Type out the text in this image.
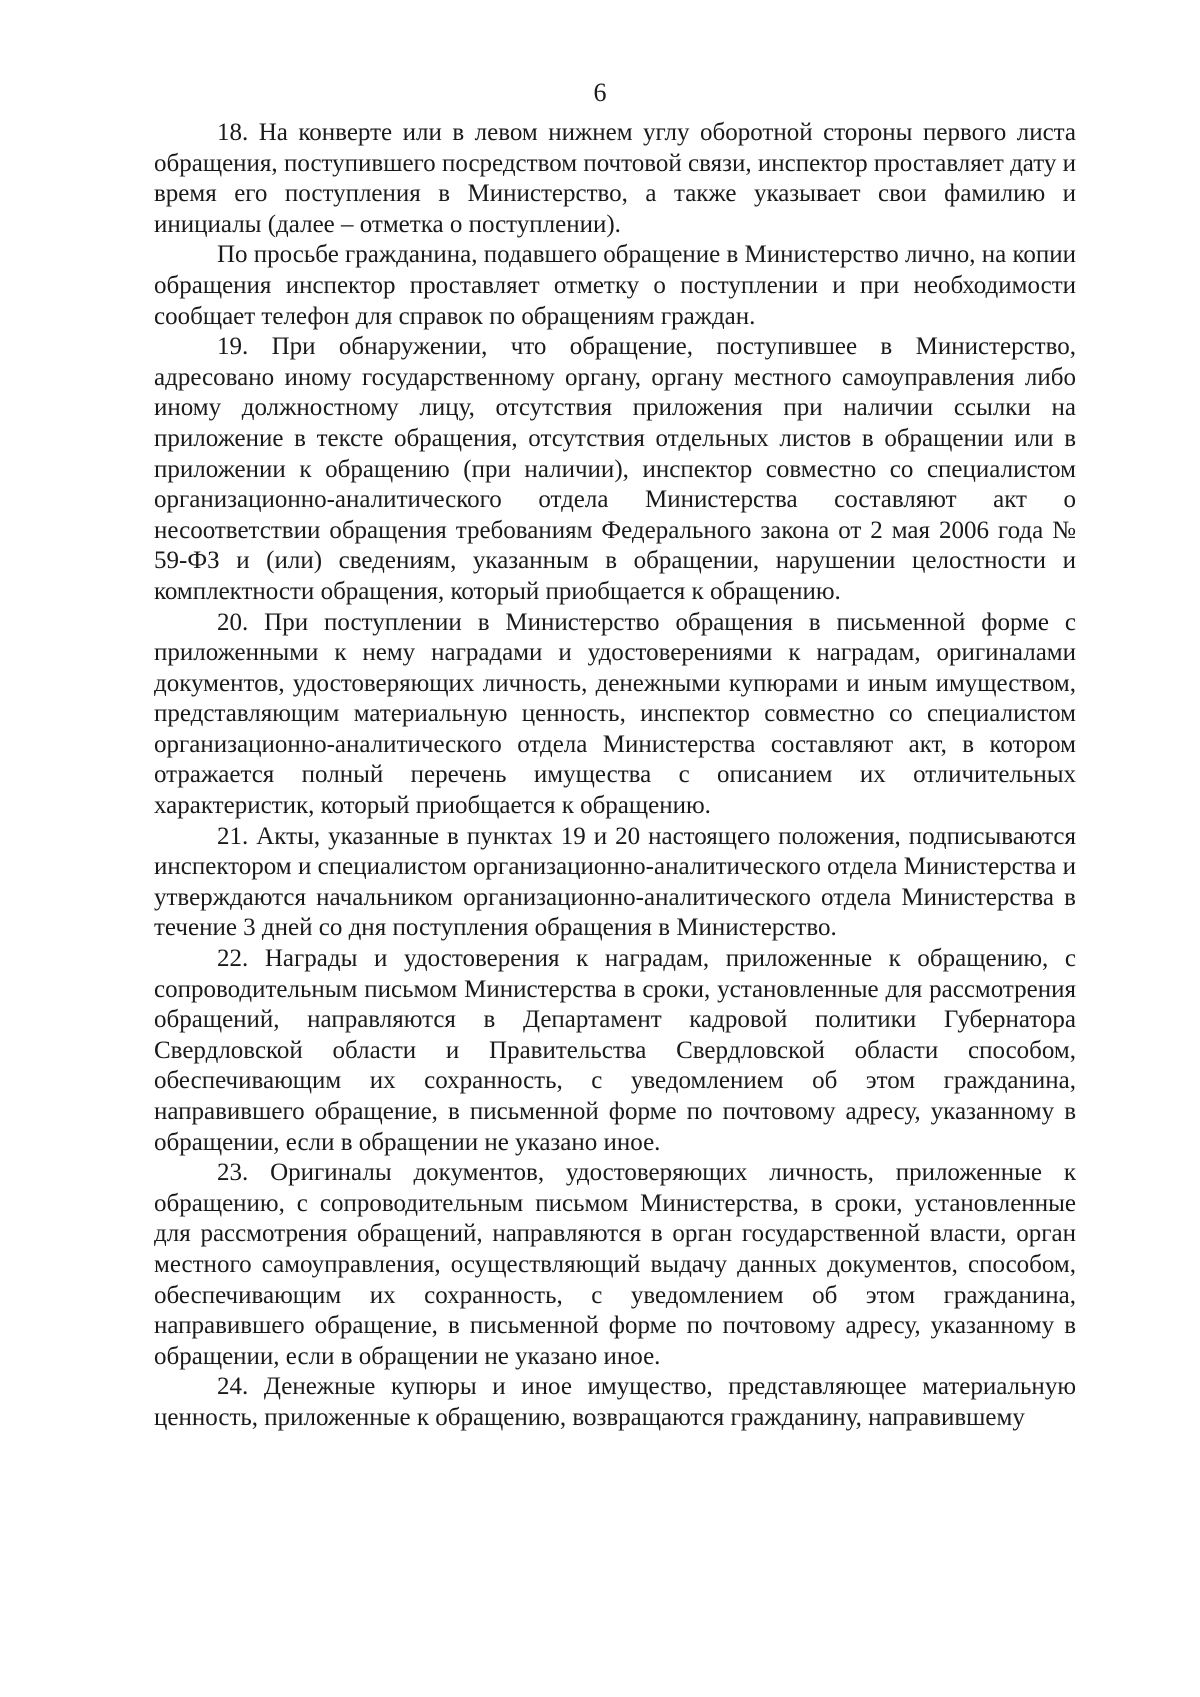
6

18. На конверте или в левом нижнем углу оборотной стороны первого листа обращения, поступившего посредством почтовой связи, инспектор проставляет дату и время его поступления в Министерство, а также указывает свои фамилию и инициалы (далее – отметка о поступлении).

По просьбе гражданина, подавшего обращение в Министерство лично, на копии обращения инспектор проставляет отметку о поступлении и при необходимости сообщает телефон для справок по обращениям граждан.

19. При обнаружении, что обращение, поступившее в Министерство, адресовано иному государственному органу, органу местного самоуправления либо иному должностному лицу, отсутствия приложения при наличии ссылки на приложение в тексте обращения, отсутствия отдельных листов в обращении или в приложении к обращению (при наличии), инспектор совместно со специалистом организационно-аналитического отдела Министерства составляют акт о несоответствии обращения требованиям Федерального закона от 2 мая 2006 года № 59-ФЗ и (или) сведениям, указанным в обращении, нарушении целостности и комплектности обращения, который приобщается к обращению.

20. При поступлении в Министерство обращения в письменной форме с приложенными к нему наградами и удостоверениями к наградам, оригиналами документов, удостоверяющих личность, денежными купюрами и иным имуществом, представляющим материальную ценность, инспектор совместно со специалистом организационно-аналитического отдела Министерства составляют акт, в котором отражается полный перечень имущества с описанием их отличительных характеристик, который приобщается к обращению.

21. Акты, указанные в пунктах 19 и 20 настоящего положения, подписываются инспектором и специалистом организационно-аналитического отдела Министерства и утверждаются начальником организационно-аналитического отдела Министерства в течение 3 дней со дня поступления обращения в Министерство.

22. Награды и удостоверения к наградам, приложенные к обращению, с сопроводительным письмом Министерства в сроки, установленные для рассмотрения обращений, направляются в Департамент кадровой политики Губернатора Свердловской области и Правительства Свердловской области способом, обеспечивающим их сохранность, с уведомлением об этом гражданина, направившего обращение, в письменной форме по почтовому адресу, указанному в обращении, если в обращении не указано иное.

23. Оригиналы документов, удостоверяющих личность, приложенные к обращению, с сопроводительным письмом Министерства, в сроки, установленные для рассмотрения обращений, направляются в орган государственной власти, орган местного самоуправления, осуществляющий выдачу данных документов, способом, обеспечивающим их сохранность, с уведомлением об этом гражданина, направившего обращение, в письменной форме по почтовому адресу, указанному в обращении, если в обращении не указано иное.

24. Денежные купюры и иное имущество, представляющее материальную ценность, приложенные к обращению, возвращаются гражданину, направившему
